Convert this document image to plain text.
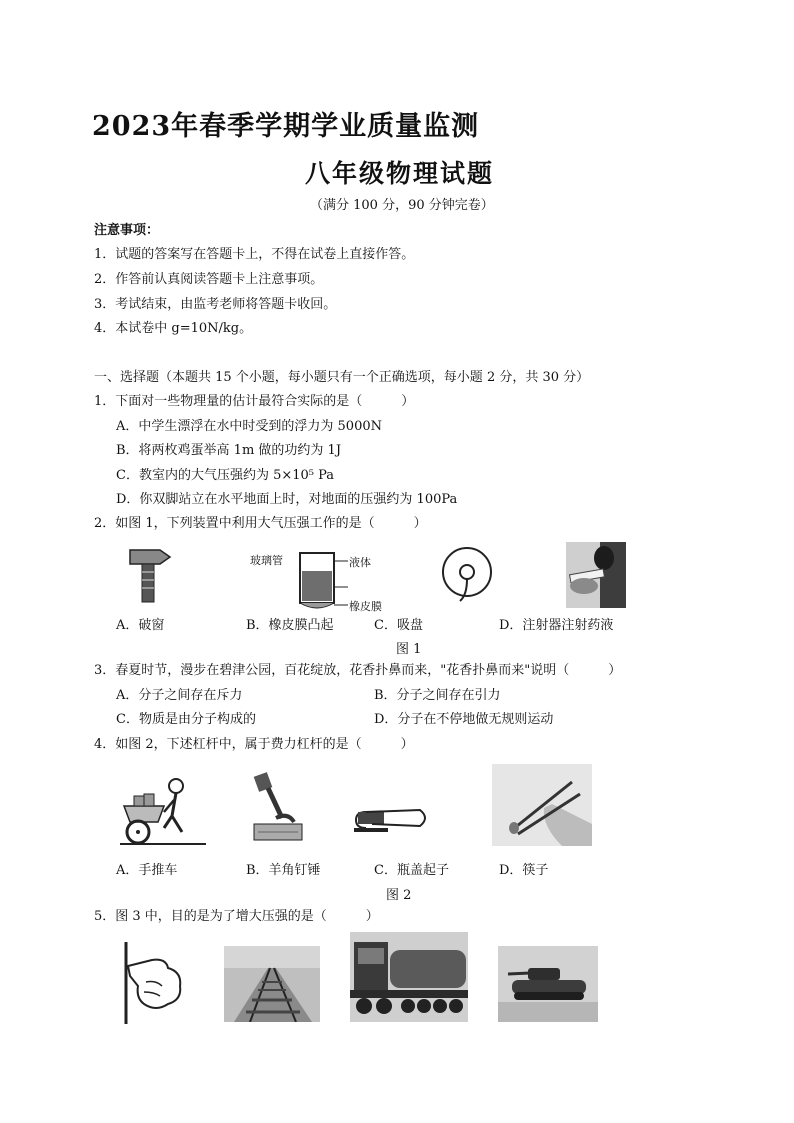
2023年春季学期学业质量监测
八年级物理试题
（满分 100 分，90 分钟完卷）
注意事项：
1．试题的答案写在答题卡上，不得在试卷上直接作答。
2．作答前认真阅读答题卡上注意事项。
3．考试结束，由监考老师将答题卡收回。
4．本试卷中 g=10N/kg。
一、选择题（本题共 15 个小题，每小题只有一个正确选项，每小题 2 分，共 30 分）
1．下面对一些物理量的估计最符合实际的是（　　　）
A．中学生漂浮在水中时受到的浮力为 5000N
B．将两枚鸡蛋举高 1m 做的功约为 1J
C．教室内的大气压强约为 5×10⁵ Pa
D．你双脚站立在水平地面上时，对地面的压强约为 100Pa
2．如图 1，下列装置中利用大气压强工作的是（　　　）
玻璃管	液体
橡皮膜
A．破窗	B．橡皮膜凸起	C．吸盘	D．注射器注射药液
图 1
3．春夏时节，漫步在碧津公园，百花绽放，花香扑鼻而来，"花香扑鼻而来"说明（　　　）
A．分子之间存在斥力	B．分子之间存在引力
C．物质是由分子构成的	D．分子在不停地做无规则运动
4．如图 2，下述杠杆中，属于费力杠杆的是（　　　）
A．手推车	B．羊角钉锤	C．瓶盖起子	D．筷子
图 2
5．图 3 中，目的是为了增大压强的是（　　　）
